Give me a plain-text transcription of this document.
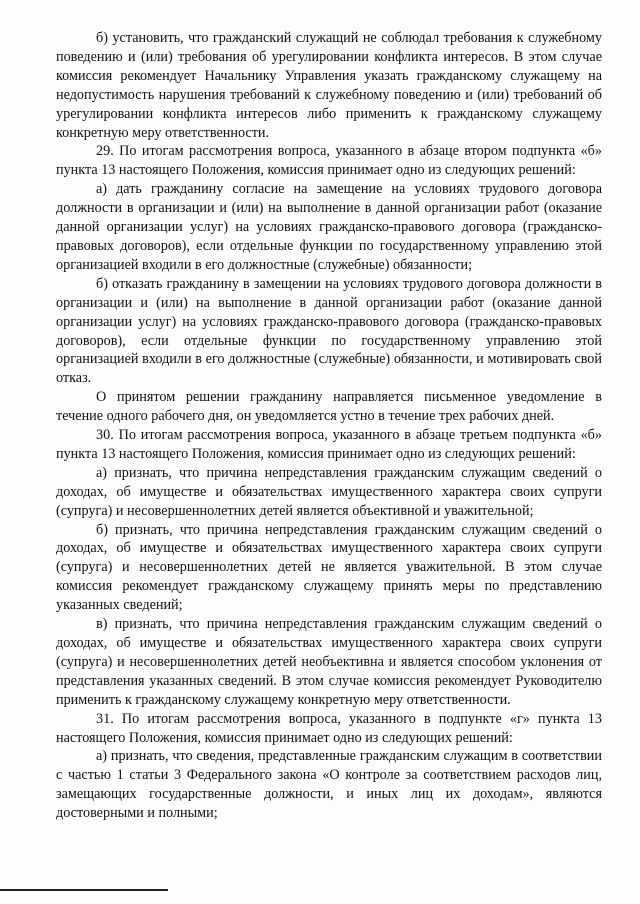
б) установить, что гражданский служащий не соблюдал требования к служебному поведению и (или) требования об урегулировании конфликта интересов. В этом случае комиссия рекомендует Начальнику Управления указать гражданскому служащему на недопустимость нарушения требований к служебному поведению и (или) требований об урегулировании конфликта интересов либо применить к гражданскому служащему конкретную меру ответственности.

29. По итогам рассмотрения вопроса, указанного в абзаце втором подпункта «б» пункта 13 настоящего Положения, комиссия принимает одно из следующих решений:

а) дать гражданину согласие на замещение на условиях трудового договора должности в организации и (или) на выполнение в данной организации работ (оказание данной организации услуг) на условиях гражданско-правового договора (гражданско-правовых договоров), если отдельные функции по государственному управлению этой организацией входили в его должностные (служебные) обязанности;

б) отказать гражданину в замещении на условиях трудового договора должности в организации и (или) на выполнение в данной организации работ (оказание данной организации услуг) на условиях гражданско-правового договора (гражданско-правовых договоров), если отдельные функции по государственному управлению этой организацией входили в его должностные (служебные) обязанности, и мотивировать свой отказ.

О принятом решении гражданину направляется письменное уведомление в течение одного рабочего дня, он уведомляется устно в течение трех рабочих дней.

30. По итогам рассмотрения вопроса, указанного в абзаце третьем подпункта «б» пункта 13 настоящего Положения, комиссия принимает одно из следующих решений:

а) признать, что причина непредставления гражданским служащим сведений о доходах, об имуществе и обязательствах имущественного характера своих супруги (супруга) и несовершеннолетних детей является объективной и уважительной;

б) признать, что причина непредставления гражданским служащим сведений о доходах, об имуществе и обязательствах имущественного характера своих супруги (супруга) и несовершеннолетних детей не является уважительной. В этом случае комиссия рекомендует гражданскому служащему принять меры по представлению указанных сведений;

в) признать, что причина непредставления гражданским служащим сведений о доходах, об имуществе и обязательствах имущественного характера своих супруги (супруга) и несовершеннолетних детей необъективна и является способом уклонения от представления указанных сведений. В этом случае комиссия рекомендует Руководителю применить к гражданскому служащему конкретную меру ответственности.

31. По итогам рассмотрения вопроса, указанного в подпункте «г» пункта 13 настоящего Положения, комиссия принимает одно из следующих решений:

а) признать, что сведения, представленные гражданским служащим в соответствии с частью 1 статьи 3 Федерального закона «О контроле за соответствием расходов лиц, замещающих государственные должности, и иных лиц их доходам», являются достоверными и полными;
